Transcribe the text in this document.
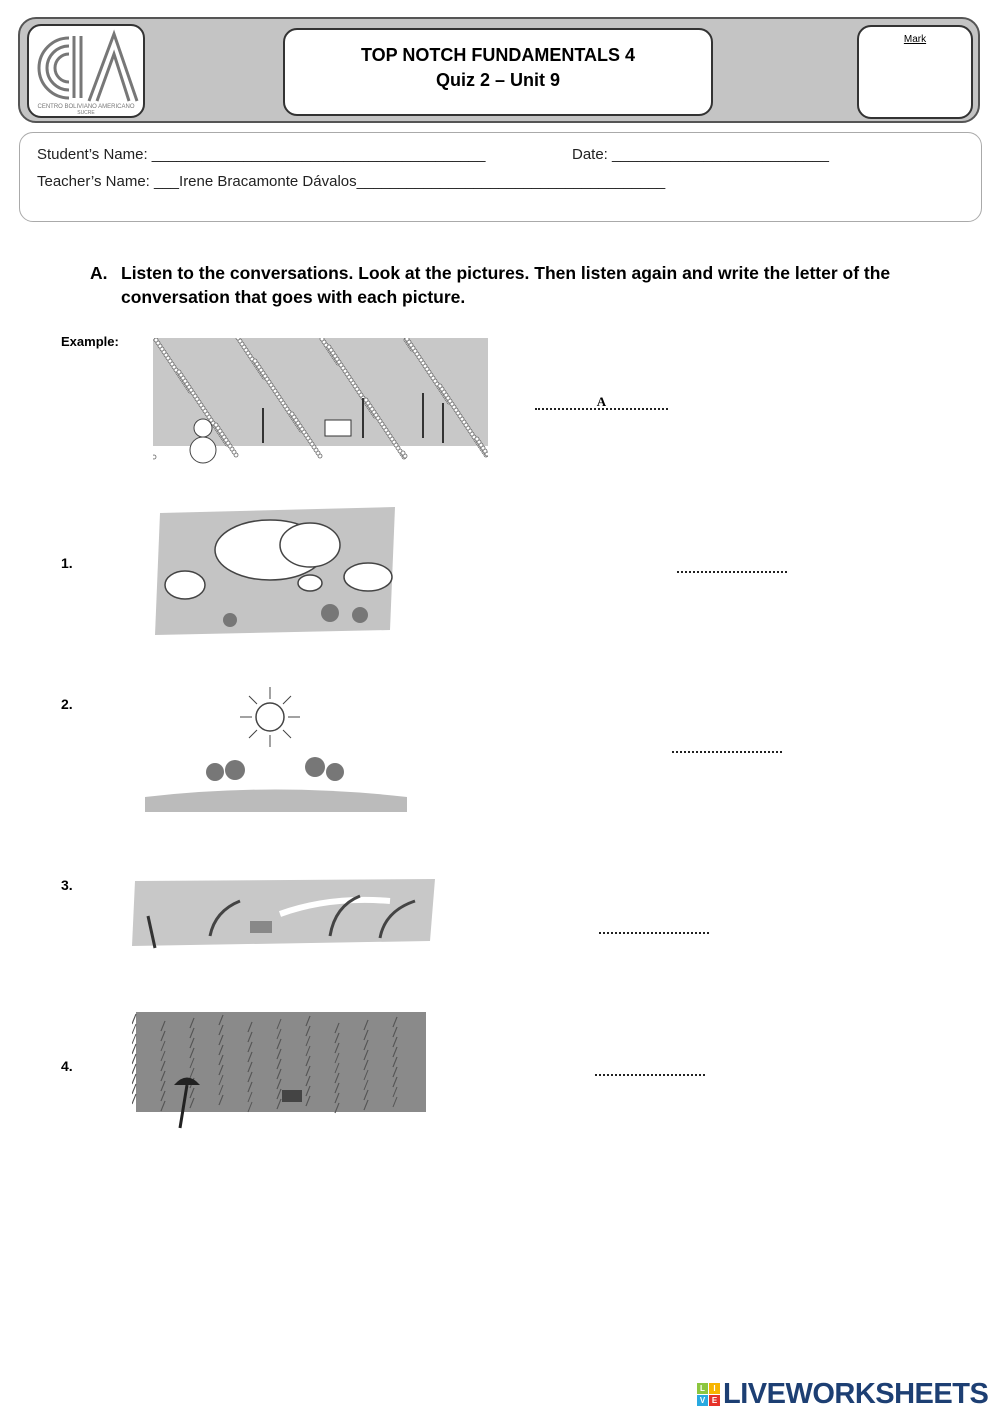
CENTRO BOLIVIANO AMERICANO
SUCRE
TOP NOTCH FUNDAMENTALS 4
Quiz 2 – Unit 9
Mark
Student’s Name: ________________________________________	Date: __________________________
Teacher’s Name: ___Irene Bracamonte Dávalos_____________________________________
A. Listen to the conversations. Look at the pictures. Then listen again and write the letter of the conversation that goes with each picture.
Example:
A
1.
2.
3.
4.
L	I
V E LIVEWORKSHEETS
